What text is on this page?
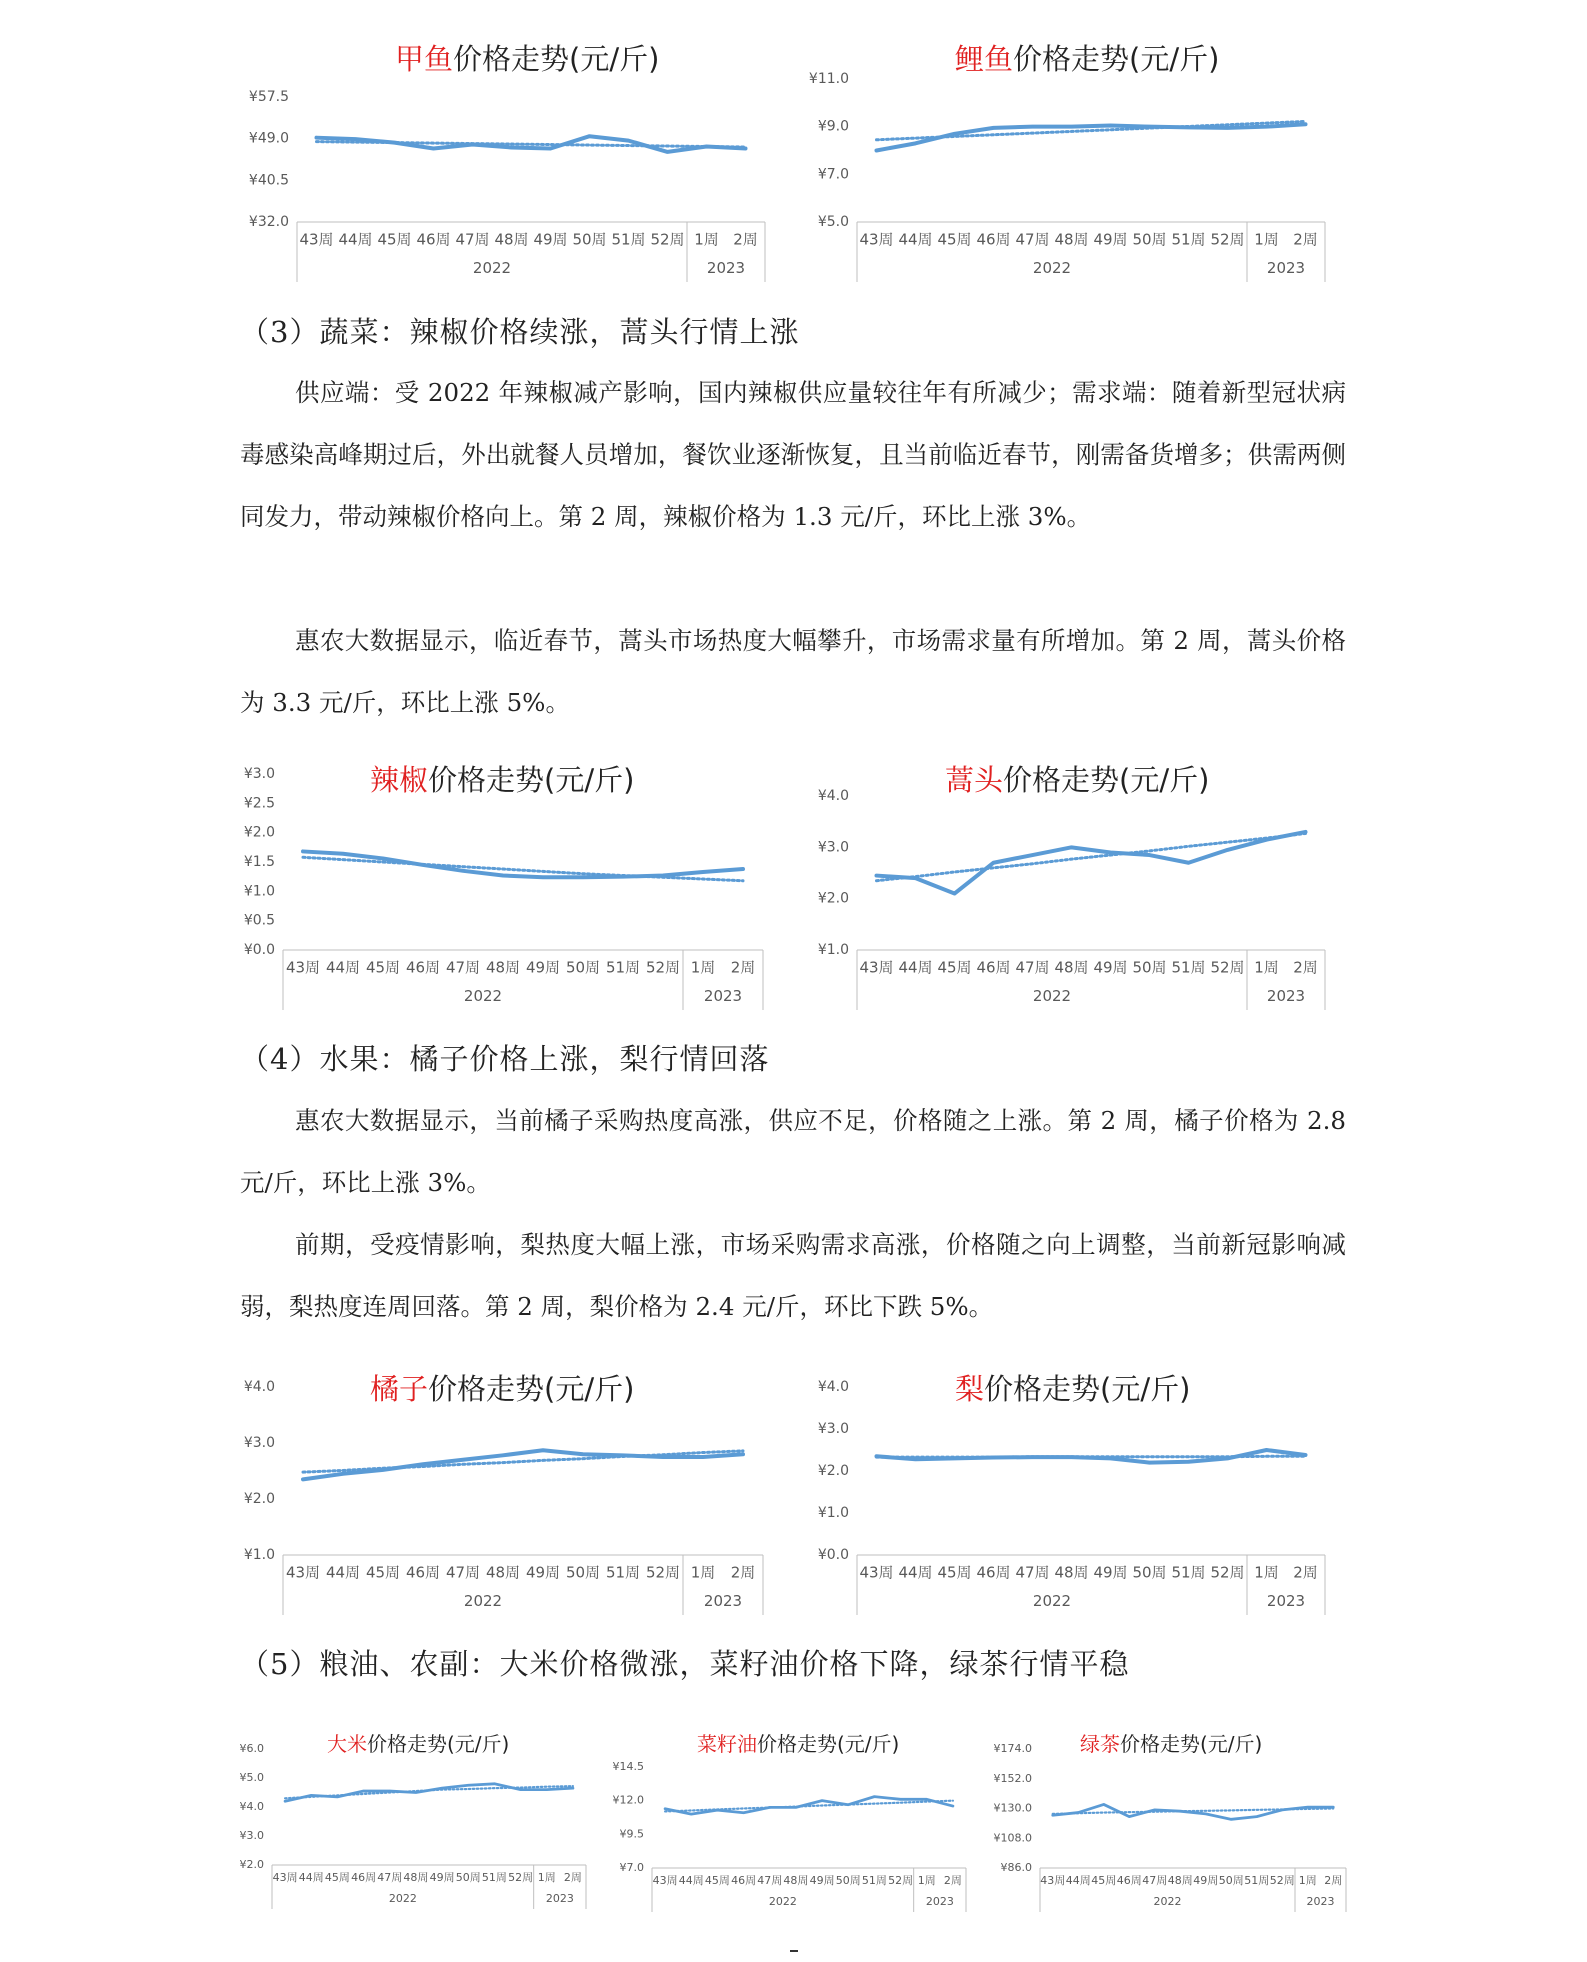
甲鱼价格走势(元/斤)
¥32.0
¥40.5
¥49.0
¥57.5
2022	2023
43周 44周 45周 46周 47周 48周 49周 50周 51周 52周 1周 2周
鲤鱼价格走势(元/斤)
¥5.0
¥7.0
¥9.0
¥11.0
2022	2023
43周 44周 45周 46周 47周 48周 49周 50周 51周 52周 1周 2周
（3）蔬菜：辣椒价格续涨，蒿头行情上涨

供应端：受 2022 年辣椒减产影响，国内辣椒供应量较往年有所减少；需求端：随着新型冠状病毒感染高峰期过后，外出就餐人员增加，餐饮业逐渐恢复，且当前临近春节，刚需备货增多；供需两侧同发力，带动辣椒价格向上。第 2 周，辣椒价格为 1.3 元/斤，环比上涨 3%。

惠农大数据显示，临近春节，蒿头市场热度大幅攀升，市场需求量有所增加。第 2 周，蒿头价格为 3.3 元/斤，环比上涨 5%。

辣椒价格走势(元/斤)
¥0.0
¥0.5
¥1.0
¥1.5
¥2.0
¥2.5
¥3.0
2022	2023
43周 44周 45周 46周 47周 48周 49周 50周 51周 52周 1周 2周
蒿头价格走势(元/斤)
¥1.0
¥2.0
¥3.0
¥4.0
2022	2023
43周 44周 45周 46周 47周 48周 49周 50周 51周 52周 1周 2周
（4）水果：橘子价格上涨，梨行情回落

惠农大数据显示，当前橘子采购热度高涨，供应不足，价格随之上涨。第 2 周，橘子价格为 2.8 元/斤，环比上涨 3%。

前期，受疫情影响，梨热度大幅上涨，市场采购需求高涨，价格随之向上调整，当前新冠影响减弱，梨热度连周回落。第 2 周，梨价格为 2.4 元/斤，环比下跌 5%。

橘子价格走势(元/斤)
¥1.0
¥2.0
¥3.0
¥4.0
2022	2023
43周 44周 45周 46周 47周 48周 49周 50周 51周 52周 1周 2周
梨价格走势(元/斤)
¥0.0
¥1.0
¥2.0
¥3.0
¥4.0
2022	2023
43周 44周 45周 46周 47周 48周 49周 50周 51周 52周 1周 2周
（5）粮油、农副：大米价格微涨，菜籽油价格下降，绿茶行情平稳
大米价格走势(元/斤)
¥2.0
¥3.0
¥4.0
¥5.0
¥6.0
2022	2023
43周 44周 45周 46周 47周 48周 49周 50周 51周 52周 1周 2周
菜籽油价格走势(元/斤)
¥7.0
¥9.5
¥12.0
¥14.5
2022	2023
43周 44周 45周 46周 47周 48周 49周 50周 51周 52周 1周 2周
绿茶价格走势(元/斤)
¥86.0
¥108.0
¥130.0
¥152.0
¥174.0
2022	2023
43周 44周 45周 46周 47周 48周 49周 50周 51周 52周 1周 2周
